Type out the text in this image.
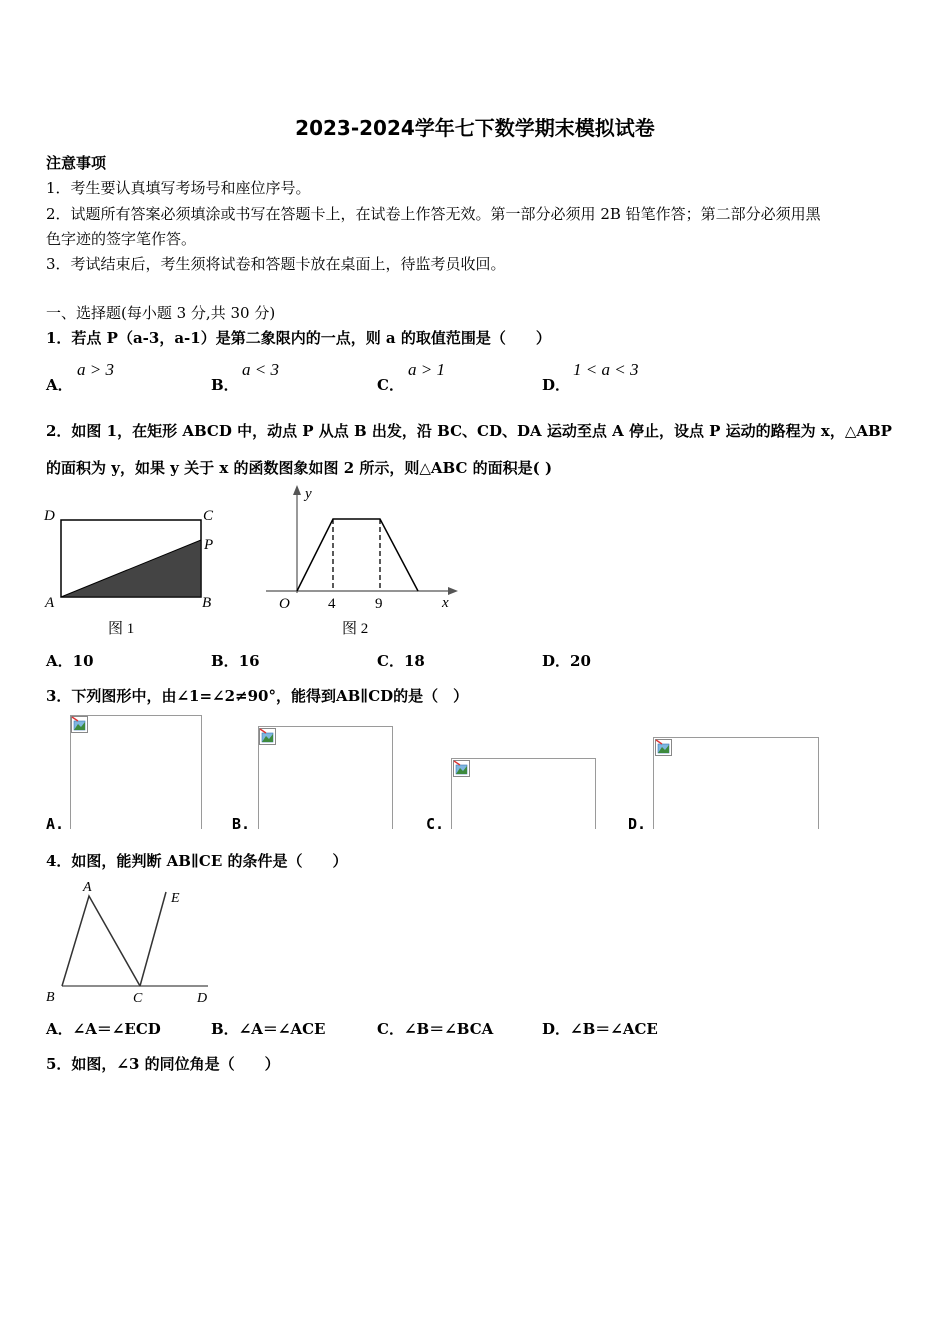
2023-2024学年七下数学期末模拟试卷
注意事项
1．考生要认真填写考场号和座位序号。
2．试题所有答案必须填涂或书写在答题卡上，在试卷上作答无效。第一部分必须用 2B 铅笔作答；第二部分必须用黑
色字迹的签字笔作答。
3．考试结束后，考生须将试卷和答题卡放在桌面上，待监考员收回。
一、选择题(每小题 3 分,共 30 分)
1．若点 P（a-3，a-1）是第二象限内的一点，则 a 的取值范围是（　　）
A．
a > 3
B．
a < 3
C．
a > 1
D．
1 < a < 3
2．如图 1，在矩形 ABCD 中，动点 P 从点 B 出发，沿 BC、CD、DA 运动至点 A 停止，设点 P 运动的路程为 x，△ABP
的面积为 y，如果 y 关于 x 的函数图象如图 2 所示，则△ABC 的面积是( )
D	C
P
A	B
图 1
y
x
O	4	9
图 2
A．10	B．16	C．18	D．20
3．下列图形中，由∠1=∠2≠90°，能得到AB∥CD的是（　）
A.	B.	C.	D.
4．如图，能判断 AB∥CE 的条件是（　　）
A
E
B	C	D
A．∠A＝∠ECD	B．∠A＝∠ACE	C．∠B＝∠BCA	D．∠B＝∠ACE
5．如图，∠3 的同位角是（　　）
